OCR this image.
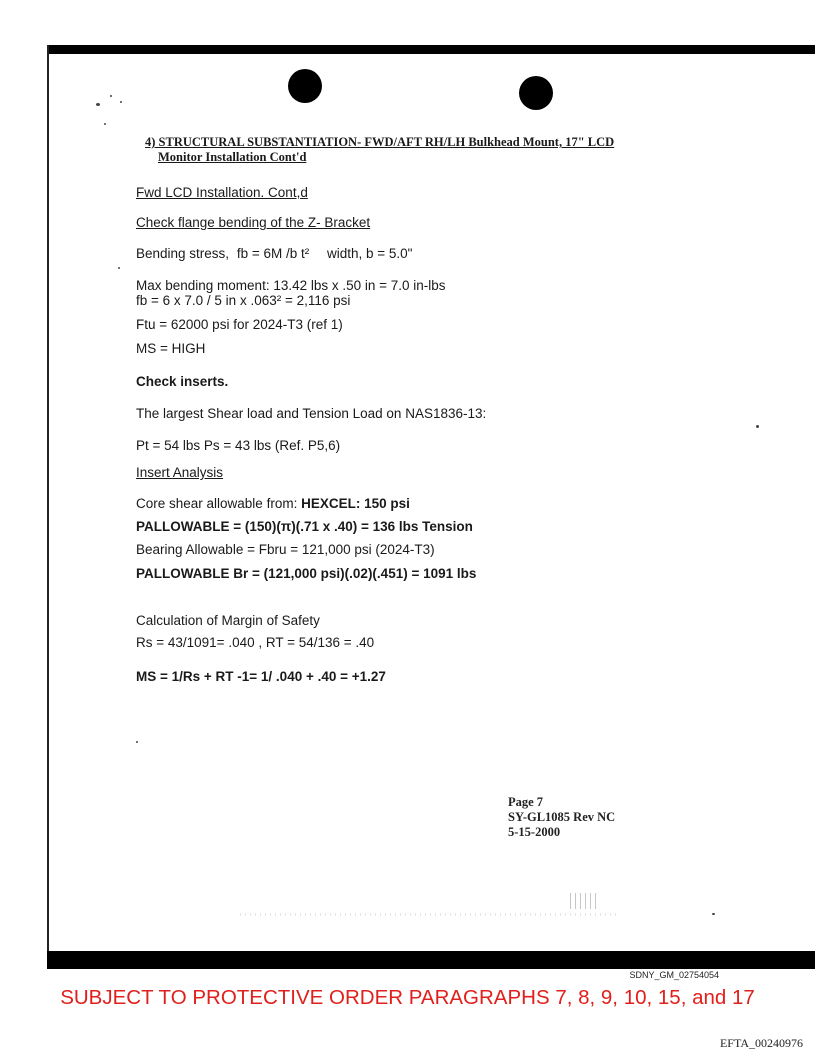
4) STRUCTURAL SUBSTANTIATION- FWD/AFT RH/LH Bulkhead Mount, 17" LCD
Monitor Installation Cont'd
Fwd LCD Installation. Cont,d
Check flange bending of the Z- Bracket
Bending stress, fb = 6M /b t² width, b = 5.0"
Max bending moment: 13.42 lbs x .50 in = 7.0 in-lbs
fb = 6 x 7.0 / 5 in x .063² = 2,116 psi
Ftu = 62000 psi for 2024-T3 (ref 1)
MS = HIGH
Check inserts.
The largest Shear load and Tension Load on NAS1836-13:
Pt = 54 lbs Ps = 43 lbs (Ref. P5,6)
Insert Analysis
Core shear allowable from: HEXCEL: 150 psi
PALLOWABLE = (150)(π)(.71 x .40) = 136 lbs Tension
Bearing Allowable = Fbru = 121,000 psi (2024-T3)
PALLOWABLE Br = (121,000 psi)(.02)(.451) = 1091 lbs
Calculation of Margin of Safety
Rs = 43/1091= .040 , RT = 54/136 = .40
MS = 1/Rs + RT -1= 1/ .040 + .40 = +1.27
Page 7
SY-GL1085 Rev NC
5-15-2000
SDNY_GM_02754054
SUBJECT TO PROTECTIVE ORDER PARAGRAPHS 7, 8, 9, 10, 15, and 17
EFTA_00240976
